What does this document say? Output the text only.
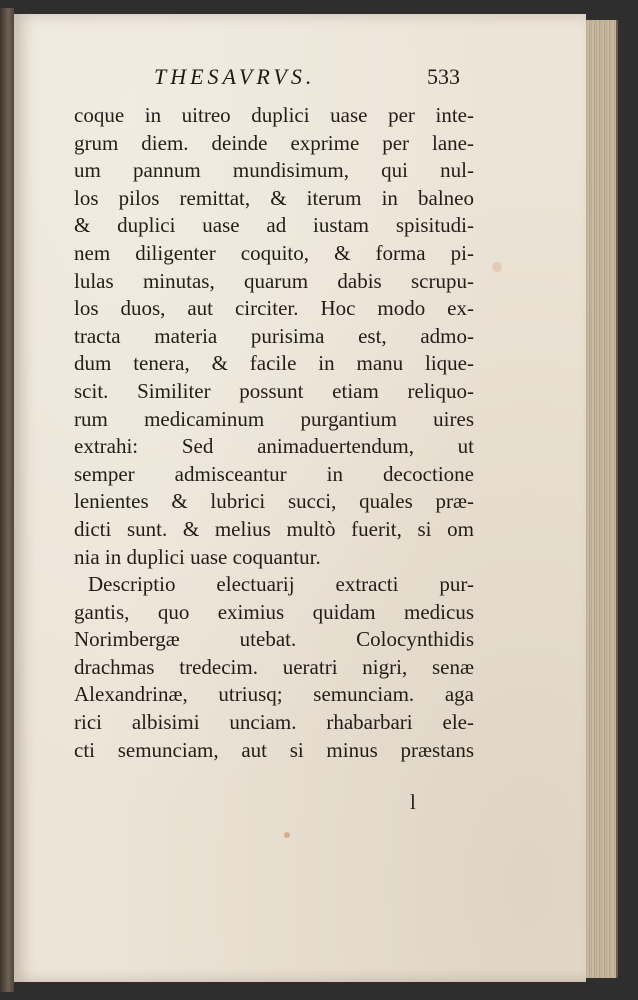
THESAVRVS.	533
coque in uitreo duplici uase per inte-
grum diem. deinde exprime per lane-
um pannum mundisimum, qui nul-
los pilos remittat, & iterum in balneo
& duplici uase ad iustam spisitudi-
nem diligenter coquito, & forma pi-
lulas minutas, quarum dabis scrupu-
los duos, aut circiter. Hoc modo ex-
tracta materia purisima est, admo-
dum tenera, & facile in manu lique-
scit. Similiter possunt etiam reliquo-
rum medicaminum purgantium uires
extrahi: Sed animaduertendum, ut
semper admisceantur in decoctione
lenientes & lubrici succi, quales præ-
dicti sunt. & melius multò fuerit, si om
nia in duplici uase coquantur.
Descriptio electuarij extracti pur-
gantis, quo eximius quidam medicus
Norimbergæ utebat. Colocynthidis
drachmas tredecim. ueratri nigri, senæ
Alexandrinæ, utriusq; semunciam. aga
rici albisimi unciam. rhabarbari ele-
cti semunciam, aut si minus præstans
l
